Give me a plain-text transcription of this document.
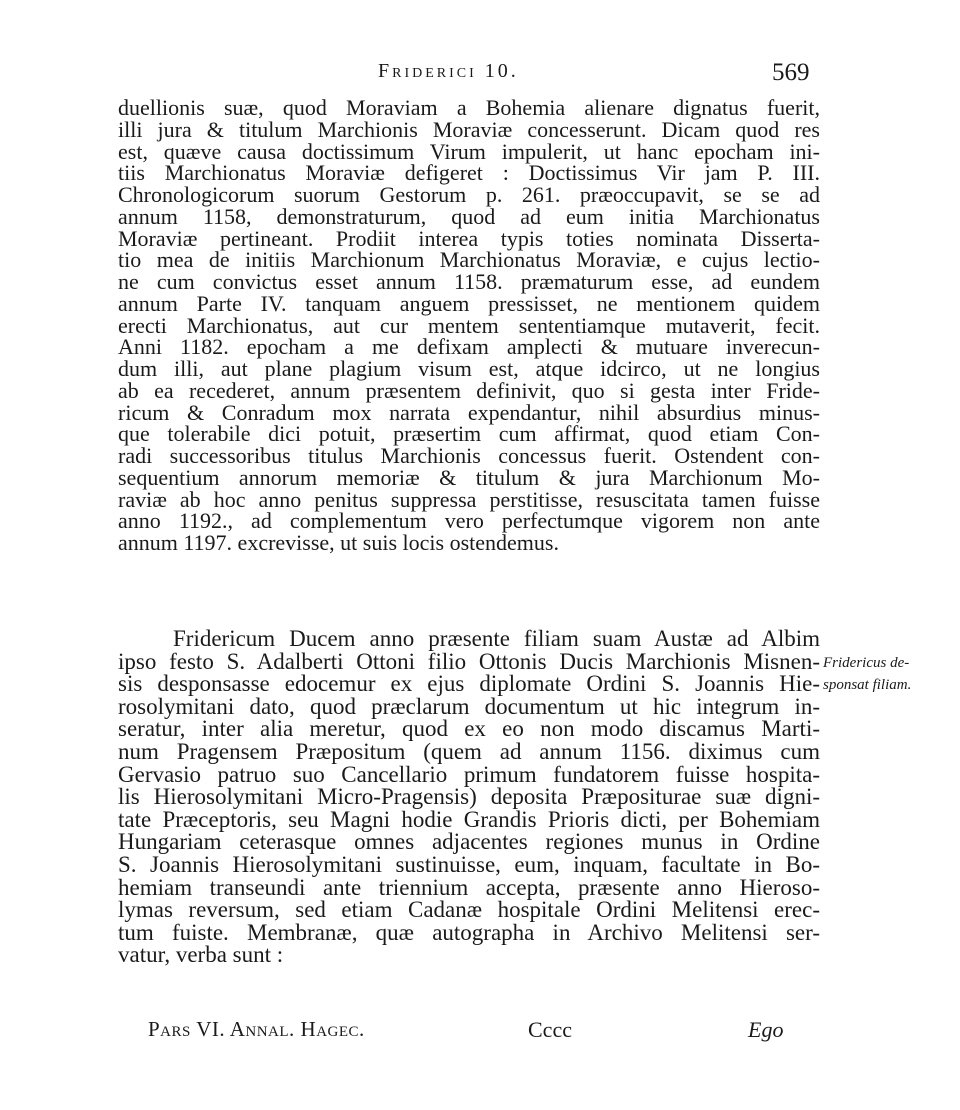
Friderici 10.	569
duellionis suæ, quod Moraviam a Bohemia alienare dignatus fuerit,
illi jura & titulum Marchionis Moraviæ concesserunt. Dicam quod res
est, quæve causa doctissimum Virum impulerit, ut hanc epocham ini-
tiis Marchionatus Moraviæ defigeret : Doctissimus Vir jam P. III.
Chronologicorum suorum Gestorum p. 261. præoccupavit, se se ad
annum 1158, demonstraturum, quod ad eum initia Marchionatus
Moraviæ pertineant. Prodiit interea typis toties nominata Disserta-
tio mea de initiis Marchionum Marchionatus Moraviæ, e cujus lectio-
ne cum convictus esset annum 1158. præmaturum esse, ad eundem
annum Parte IV. tanquam anguem pressisset, ne mentionem quidem
erecti Marchionatus, aut cur mentem sententiamque mutaverit, fecit.
Anni 1182. epocham a me defixam amplecti & mutuare inverecun-
dum illi, aut plane plagium visum est, atque idcirco, ut ne longius
ab ea recederet, annum præsentem definivit, quo si gesta inter Fride-
ricum & Conradum mox narrata expendantur, nihil absurdius minus-
que tolerabile dici potuit, præsertim cum affirmat, quod etiam Con-
radi successoribus titulus Marchionis concessus fuerit. Ostendent con-
sequentium annorum memoriæ & titulum & jura Marchionum Mo-
raviæ ab hoc anno penitus suppressa perstitisse, resuscitata tamen fuisse
anno 1192., ad complementum vero perfectumque vigorem non ante
annum 1197. excrevisse, ut suis locis ostendemus.
Fridericum Ducem anno præsente filiam suam Austæ ad Albim
ipso festo S. Adalberti Ottoni filio Ottonis Ducis Marchionis Misnen-
sis desponsasse edocemur ex ejus diplomate Ordini S. Joannis Hie-
rosolymitani dato, quod præclarum documentum ut hic integrum in-
seratur, inter alia meretur, quod ex eo non modo discamus Marti-
num Pragensem Præpositum (quem ad annum 1156. diximus cum
Gervasio patruo suo Cancellario primum fundatorem fuisse hospita-
lis Hierosolymitani Micro-Pragensis) deposita Præpositurae suæ digni-
tate Præceptoris, seu Magni hodie Grandis Prioris dicti, per Bohemiam
Hungariam ceterasque omnes adjacentes regiones munus in Ordine
S. Joannis Hierosolymitani sustinuisse, eum, inquam, facultate in Bo-
hemiam transeundi ante triennium accepta, præsente anno Hieroso-
lymas reversum, sed etiam Cadanæ hospitale Ordini Melitensi erec-
tum fuiste. Membranæ, quæ autographa in Archivo Melitensi ser-
vatur, verba sunt :
Fridericus de-
sponsat filiam.
Pars VI. Annal. Hagec.	Cccc	Ego
